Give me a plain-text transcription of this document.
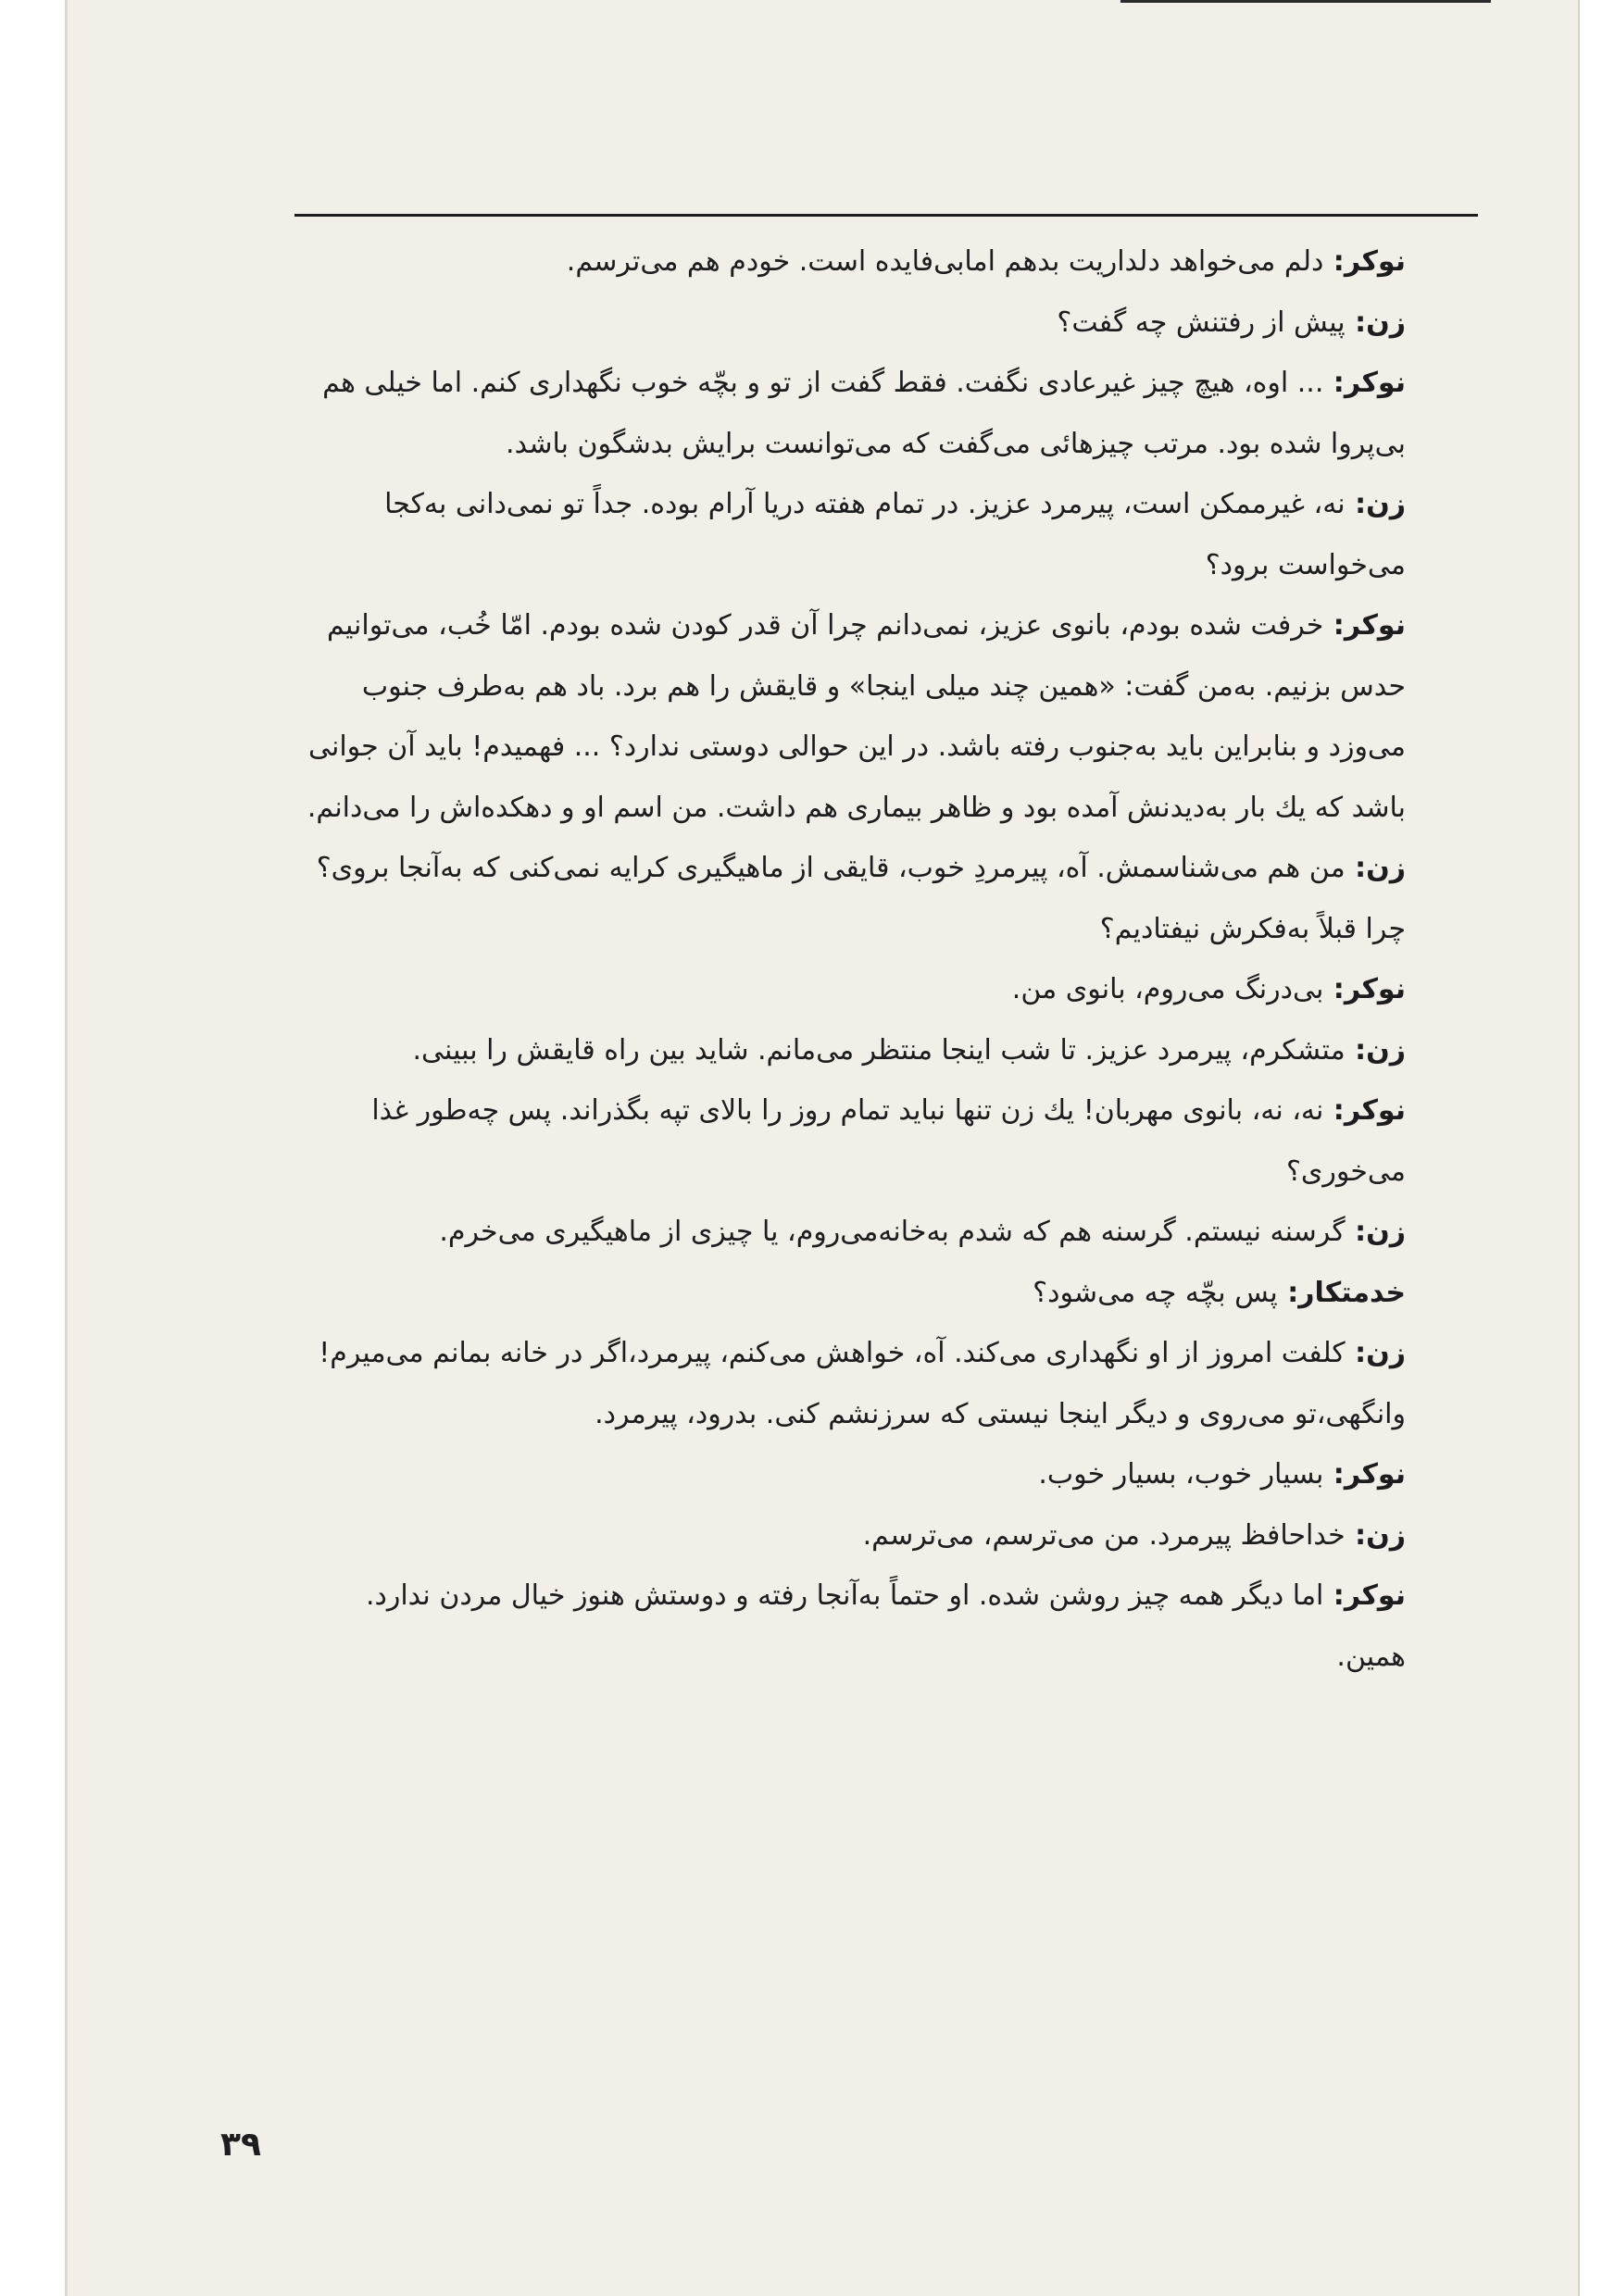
نوکر: دلم می‌خواهد دلداریت بدهم امابی‌فایده است. خودم هم می‌ترسم.

زن: پیش از رفتنش چه گفت؟

نوکر: ... اوه، هیچ چیز غیرعادی نگفت. فقط گفت از تو و بچّه خوب نگهداری کنم. اما خیلی هم بی‌پروا شده بود. مرتب چیزهائی می‌گفت که می‌توانست برایش بدشگون باشد.

زن: نه، غیرممکن است، پیرمرد عزیز. در تمام هفته دریا آرام بوده. جداً تو نمی‌دانی به‌کجا می‌خواست برود؟

نوکر: خرفت شده بودم، بانوی عزیز، نمی‌دانم چرا آن قدر کودن شده بودم. امّا خُب، می‌توانیم حدس بزنیم. به‌من گفت: «همین چند میلی اینجا» و قایقش را هم برد. باد هم به‌طرف جنوب می‌وزد و بنابراین باید به‌جنوب رفته باشد. در این حوالی دوستی ندارد؟ ... فهمیدم! باید آن جوانی باشد که یك بار به‌دیدنش آمده بود و ظاهر بیماری هم داشت. من اسم او و دهکده‌اش را می‌دانم.

زن: من هم می‌شناسمش. آه، پیرمردِ خوب، قایقی از ماهیگیری کرایه نمی‌کنی که به‌آنجا بروی؟ چرا قبلاً به‌فکرش نیفتادیم؟

نوکر: بی‌درنگ می‌روم، بانوی من.

زن: متشکرم، پیرمرد عزیز. تا شب اینجا منتظر می‌مانم. شاید بین راه قایقش را ببینی.

نوکر: نه، نه، بانوی مهربان! یك زن تنها نباید تمام روز را بالای تپه بگذراند. پس چه‌طور غذا می‌خوری؟

زن: گرسنه نیستم. گرسنه هم که شدم به‌خانه‌می‌روم، یا چیزی از ماهیگیری می‌خرم.

خدمتکار: پس بچّه چه می‌شود؟

زن: کلفت امروز از او نگهداری می‌کند. آه، خواهش می‌کنم، پیرمرد،اگر در خانه بمانم می‌میرم! وانگهی،تو می‌روی و دیگر اینجا نیستی که سرزنشم کنی. بدرود، پیرمرد.

نوکر: بسیار خوب، بسیار خوب.

زن: خداحافظ پیرمرد. من می‌ترسم، می‌ترسم.

نوکر: اما دیگر همه چیز روشن شده. او حتماً به‌آنجا رفته و دوستش هنوز خیال مردن ندارد. همین.

۳۹
